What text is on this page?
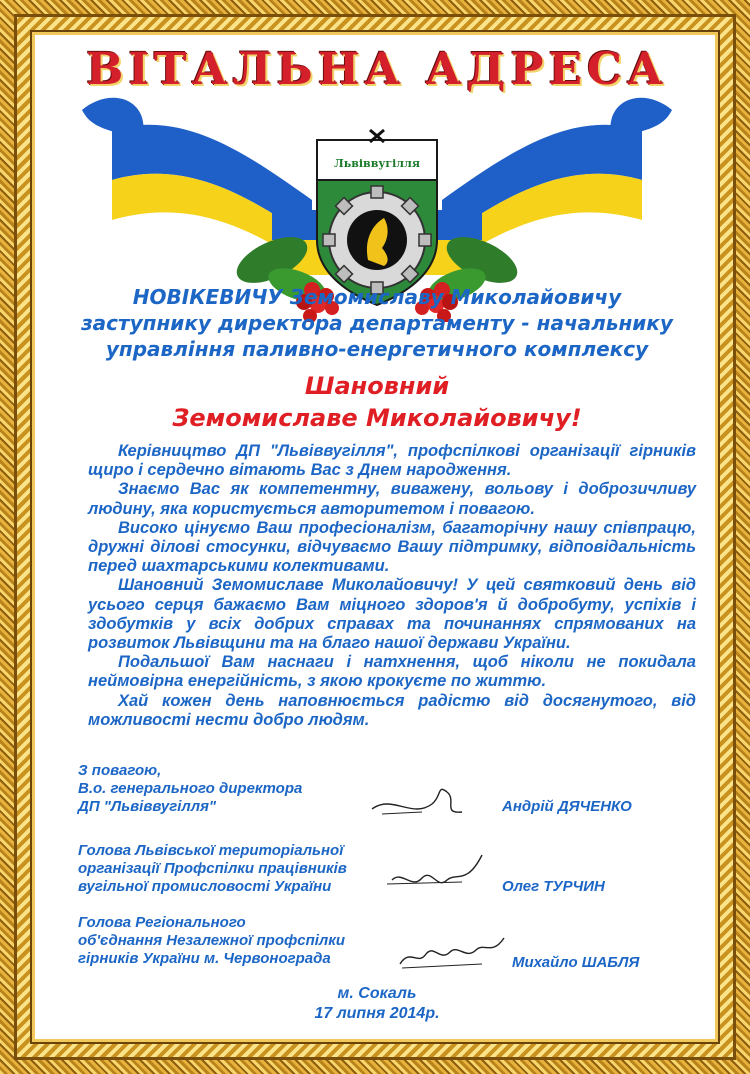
ВІТАЛЬНА АДРЕСА
Львіввугілля
НОВІКЕВИЧУ Земомиславу Миколайовичу
заступнику директора департаменту - начальнику
управління паливно-енергетичного комплексу
Шановний
Земомиславе Миколайовичу!

Керівництво ДП "Львіввугілля", профспілкові організації гірників щиро і сердечно вітають Вас з Днем народження.

Знаємо Вас як компетентну, виважену, вольову і доброзичливу людину, яка користується авторитетом і повагою.

Високо цінуємо Ваш професіоналізм, багаторічну нашу співпрацю, дружні ділові стосунки, відчуваємо Вашу підтримку, відповідальність перед шахтарськими колективами.

Шановний Земомиславе Миколайовичу! У цей святковий день від усього серця бажаємо Вам міцного здоров'я й добробуту, успіхів і здобутків у всіх добрих справах та починаннях спрямованих на розвиток Львівщини та на благо нашої держави України.

Подальшої Вам наснаги і натхнення, щоб ніколи не покидала неймовірна енергійність, з якою крокуєте по життю.

Хай кожен день наповнюється радістю від досягнутого, від можливості нести добро людям.

З повагою,
В.о. генерального директора
ДП "Львіввугілля"	Андрій ДЯЧЕНКО
Голова Львівської територіальної
організації Профспілки працівників
вугільної промисловості України	Олег ТУРЧИН
Голова Регіонального
об'єднання Незалежної профспілки
гірників України м. Червонограда	Михайло ШАБЛЯ
м. Сокаль
17 липня 2014р.
